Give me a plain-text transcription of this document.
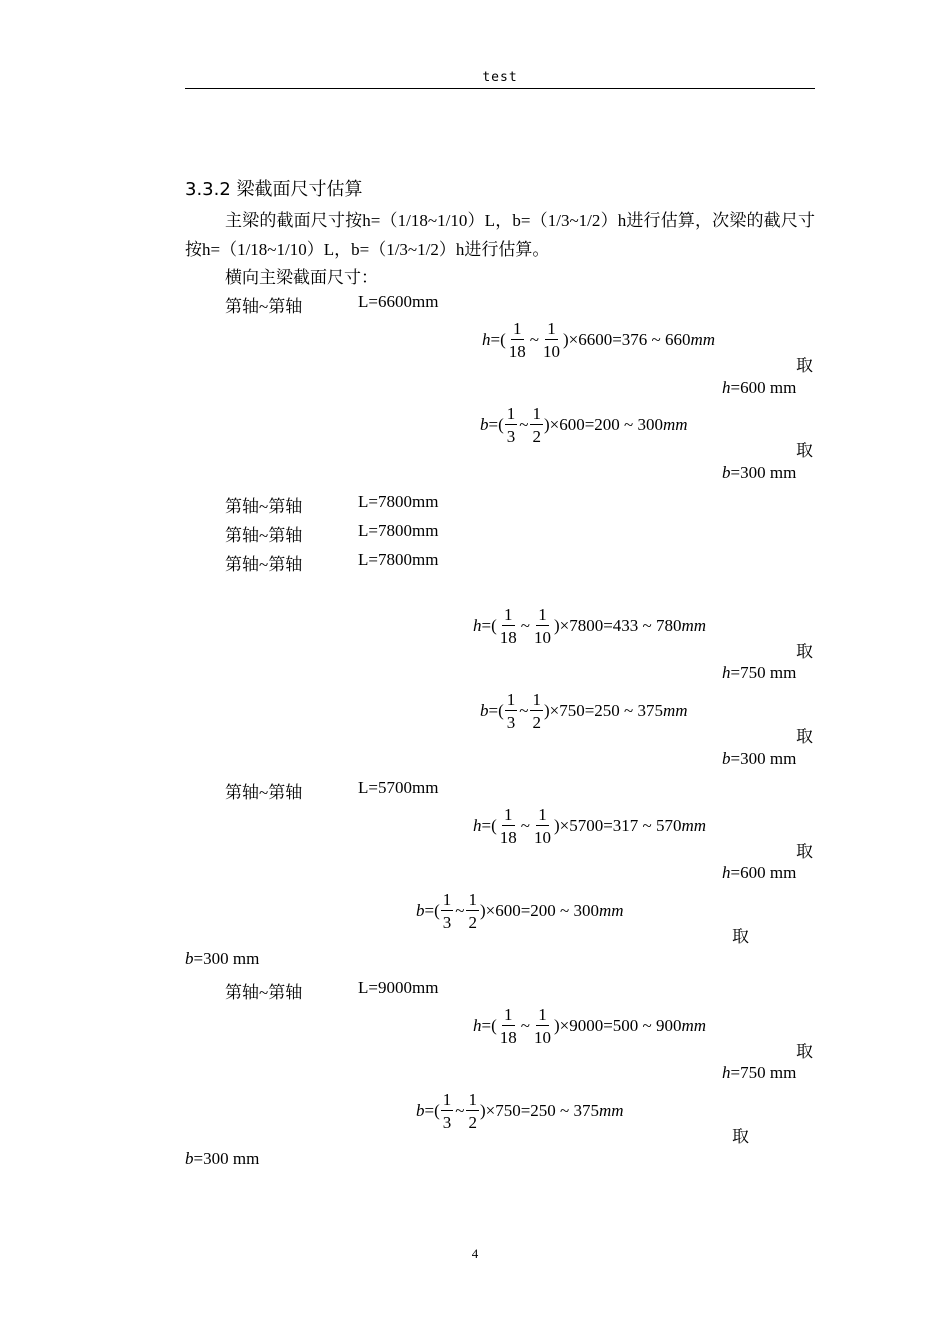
test
3.3.2 梁截面尺寸估算
主梁的截面尺寸按h=（1/18~1/10）L，b=（1/3~1/2）h进行估算，次梁的截尺寸按h=（1/18~1/10）L，b=（1/3~1/2）h进行估算。
横向主梁截面尺寸：
第轴~第轴	L=6600mm
h =( $\frac{1}{18}$ ~ $\frac{1}{10}$ )× 6600 = 376 ~ 660 mm
取
h=600 mm
b =( $\frac{1}{3}$ ~ $\frac{1}{2}$ )× 600 = 200 ~ 300 mm
取
b=300 mm
第轴~第轴	L=7800mm
第轴~第轴	L=7800mm
第轴~第轴	L=7800mm
h =( $\frac{1}{18}$ ~ $\frac{1}{10}$ )× 7800 = 433 ~ 780 mm
取
h=750 mm
b =( $\frac{1}{3}$ ~ $\frac{1}{2}$ )× 750 = 250 ~ 375 mm
取
b=300 mm
第轴~第轴	L=5700mm
h =( $\frac{1}{18}$ ~ $\frac{1}{10}$ )× 5700 = 317 ~ 570 mm
取
h=600 mm
b =( $\frac{1}{3}$ ~ $\frac{1}{2}$ )× 600 = 200 ~ 300 mm
取
b=300 mm
第轴~第轴	L=9000mm
h =( $\frac{1}{18}$ ~ $\frac{1}{10}$ )× 9000 = 500 ~ 900 mm
取
h=750 mm
b =( $\frac{1}{3}$ ~ $\frac{1}{2}$ )× 750 = 250 ~ 375 mm
取
b=300 mm
4
